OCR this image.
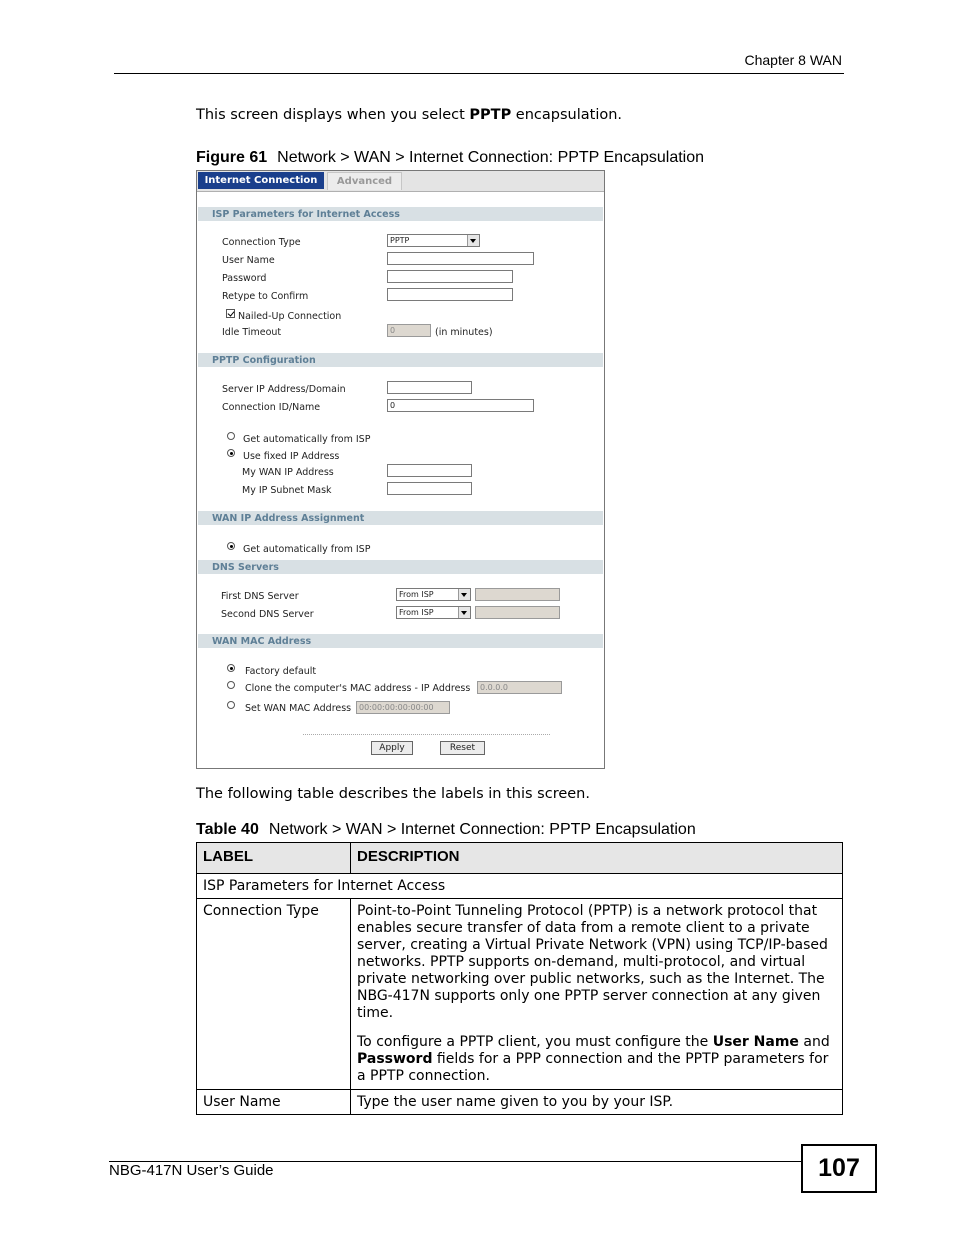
Chapter 8 WAN
This screen displays when you select PPTP encapsulation.
Figure 61 Network > WAN > Internet Connection: PPTP Encapsulation
Internet Connection	Advanced
ISP Parameters for Internet Access
Connection Type	PPTP
User Name
Password
Retype to Confirm
Nailed-Up Connection
Idle Timeout	0	(in minutes)
PPTP Configuration
Server IP Address/Domain
Connection ID/Name	0
Get automatically from ISP
Use fixed IP Address
My WAN IP Address
My IP Subnet Mask
WAN IP Address Assignment
Get automatically from ISP
DNS Servers
First DNS Server	From ISP
Second DNS Server	From ISP
WAN MAC Address
Factory default
Clone the computer's MAC address - IP Address	0.0.0.0
Set WAN MAC Address 00:00:00:00:00:00
Apply	Reset
The following table describes the labels in this screen.
Table 40 Network > WAN > Internet Connection: PPTP Encapsulation
LABEL	DESCRIPTION
ISP Parameters for Internet Access	
Connection Type	Point-to-Point Tunneling Protocol (PPTP) is a network protocol that enables secure transfer of data from a remote client to a private server, creating a Virtual Private Network (VPN) using TCP/IP-based networks. PPTP supports on-demand, multi-protocol, and virtual private networking over public networks, such as the Internet. The NBG-417N supports only one PPTP server connection at any given time.

To configure a PPTP client, you must configure the User Name and Password fields for a PPP connection and the PPTP parameters for a PPTP connection.

User Name	Type the user name given to you by your ISP.
NBG-417N User’s Guide	107
